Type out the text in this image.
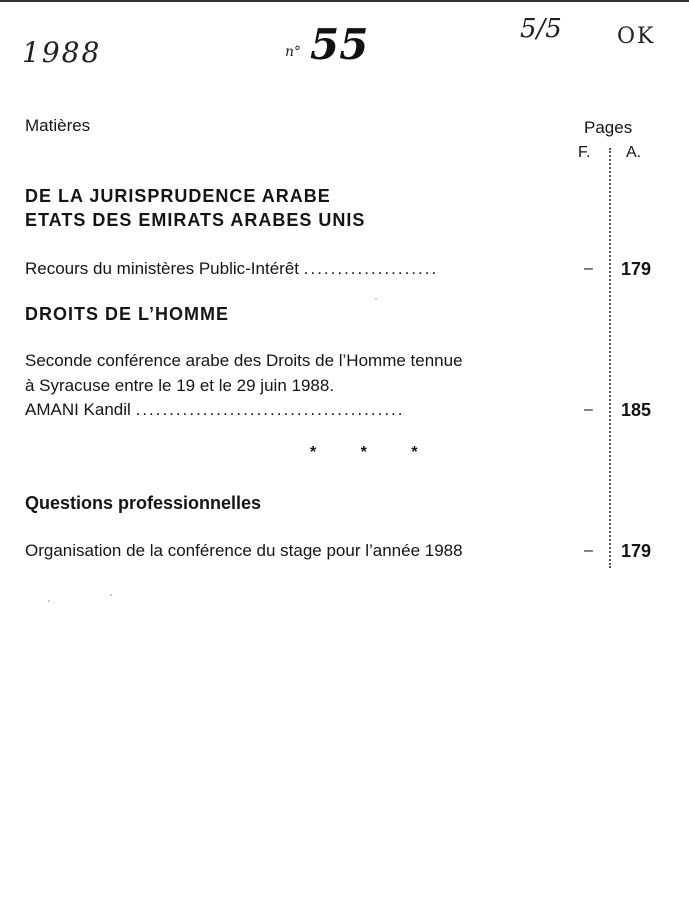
1988	n° 55	5/5	OK
Matières	Pages
F. A.
DE LA JURISPRUDENCE ARABE
ETATS DES EMIRATS ARABES UNIS
Recours du ministères Public-Intérêt ....................	– 179
DROITS DE L’HOMME
Seconde conférence arabe des Droits de l’Homme tennue
à Syracuse entre le 19 et le 29 juin 1988.
AMANI Kandil ........................................	– 185
* * *
Questions professionnelles
Organisation de la conférence du stage pour l’année 1988	– 179
